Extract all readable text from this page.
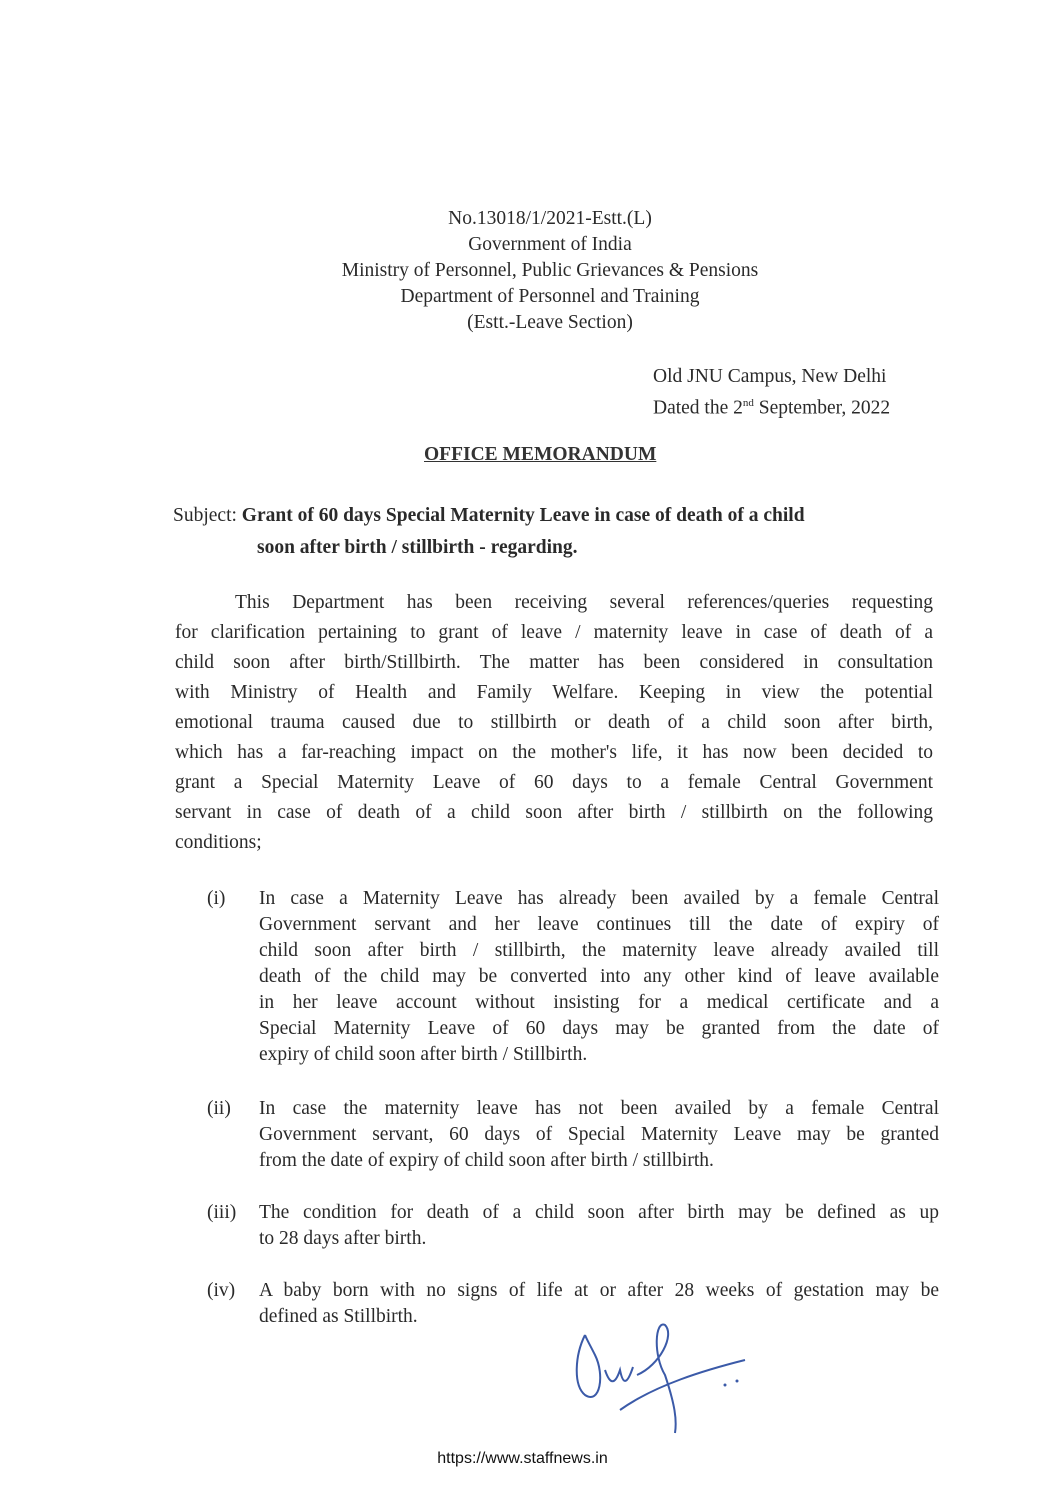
No.13018/1/2021-Estt.(L)
Government of India
Ministry of Personnel, Public Grievances & Pensions
Department of Personnel and Training
(Estt.-Leave Section)
Old JNU Campus, New Delhi
Dated the 2nd September, 2022
OFFICE MEMORANDUM
Subject: Grant of 60 days Special Maternity Leave in case of death of a child
soon after birth / stillbirth - regarding.
This Department has been receiving several references/queries requesting
for clarification pertaining to grant of leave / maternity leave in case of death of a
child soon after birth/Stillbirth. The matter has been considered in consultation
with Ministry of Health and Family Welfare. Keeping in view the potential
emotional trauma caused due to stillbirth or death of a child soon after birth,
which has a far-reaching impact on the mother's life, it has now been decided to
grant a Special Maternity Leave of 60 days to a female Central Government
servant in case of death of a child soon after birth / stillbirth on the following
conditions;
(i) In case a Maternity Leave has already been availed by a female Central
Government servant and her leave continues till the date of expiry of
child soon after birth / stillbirth, the maternity leave already availed till
death of the child may be converted into any other kind of leave available
in her leave account without insisting for a medical certificate and a
Special Maternity Leave of 60 days may be granted from the date of
expiry of child soon after birth / Stillbirth.
(ii) In case the maternity leave has not been availed by a female Central
Government servant, 60 days of Special Maternity Leave may be granted
from the date of expiry of child soon after birth / stillbirth.
(iii) The condition for death of a child soon after birth may be defined as up
to 28 days after birth.
(iv) A baby born with no signs of life at or after 28 weeks of gestation may be
defined as Stillbirth.
https://www.staffnews.in
